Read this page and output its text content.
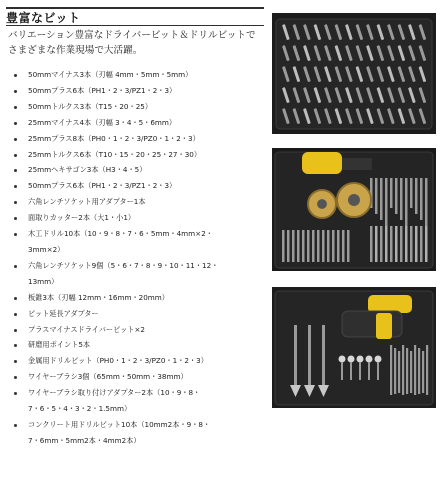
豊富なビット
バリエーション豊富なドライバービット＆ドリルビットで
さまざまな作業現場で大活躍。
50mmマイナス3本（刃幅 4mm・5mm・5mm）
50mmプラス6本（PH1・2・3/PZ1・2・3）
50mmトルクス3本（T15・20・25）
25mmマイナス4本（刃幅 3・4・5・6mm）
25mmプラス8本（PH0・1・2・3/PZ0・1・2・3）
25mmトルクス6本（T10・15・20・25・27・30）
25mmヘキサゴン3本（H3・4・5）
50mmプラス6本（PH1・2・3/PZ1・2・3）
六角レンチソケット用アダプター1本
面取りカッター2本（大1・小1）
木工ドリル10本（10・9・8・7・6・5mm・4mm×2・
3mm×2）
六角レンチソケット9個（5・6・7・8・9・10・11・12・
13mm）
板錐3本（刃幅 12mm・16mm・20mm）
ビット延長アダプター
プラスマイナスドライバービット×2
研磨用ポイント5本
金属用ドリルビット（PH0・1・2・3/PZ0・1・2・3）
ワイヤーブラシ3個（65mm・50mm・38mm）
ワイヤーブラシ取り付けアダプター2本（10・9・8・
7・6・5・4・3・2・1.5mm）
コンクリート用ドリルビット10本（10mm2本・9・8・
7・6mm・5mm2本・4mm2本）
